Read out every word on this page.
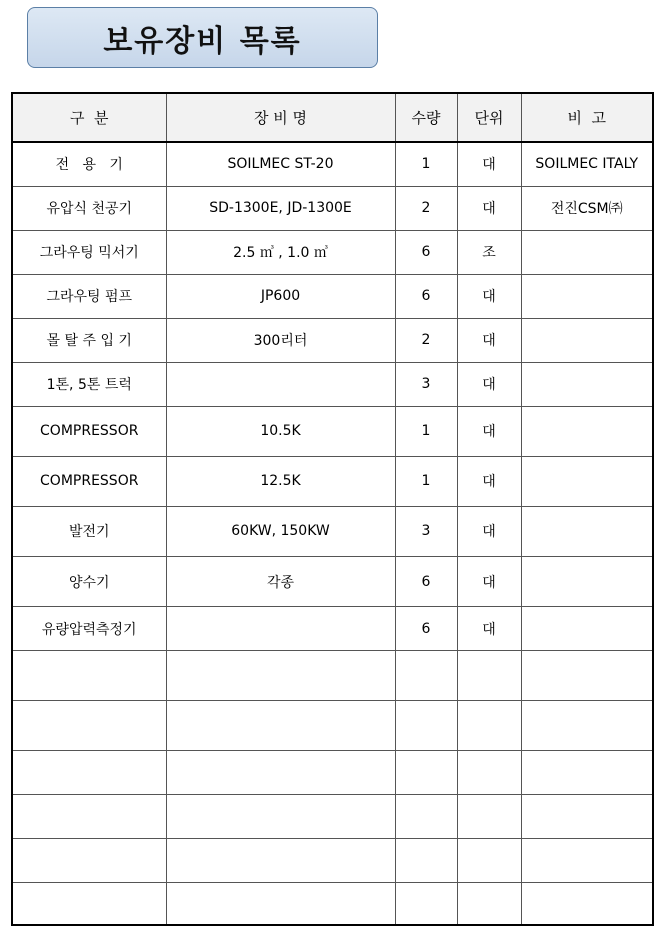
보유장비 목록
구  분	장 비 명	수량	단위	비  고
전   용   기	SOILMEC ST-20	1	대	SOILMEC ITALY
유압식 천공기	SD-1300E, JD-1300E	2	대	전진CSM㈜
그라우팅 믹서기	2.5 ㎥ , 1.0 ㎥	6	조	
그라우팅 펌프	JP600	6	대	
몰 탈 주 입 기	300리터	2	대	
1톤, 5톤 트럭		3	대	
COMPRESSOR	10.5K	1	대	
COMPRESSOR	12.5K	1	대	
발전기	60KW, 150KW	3	대	
양수기	각종	6	대	
유량압력측정기		6	대	
